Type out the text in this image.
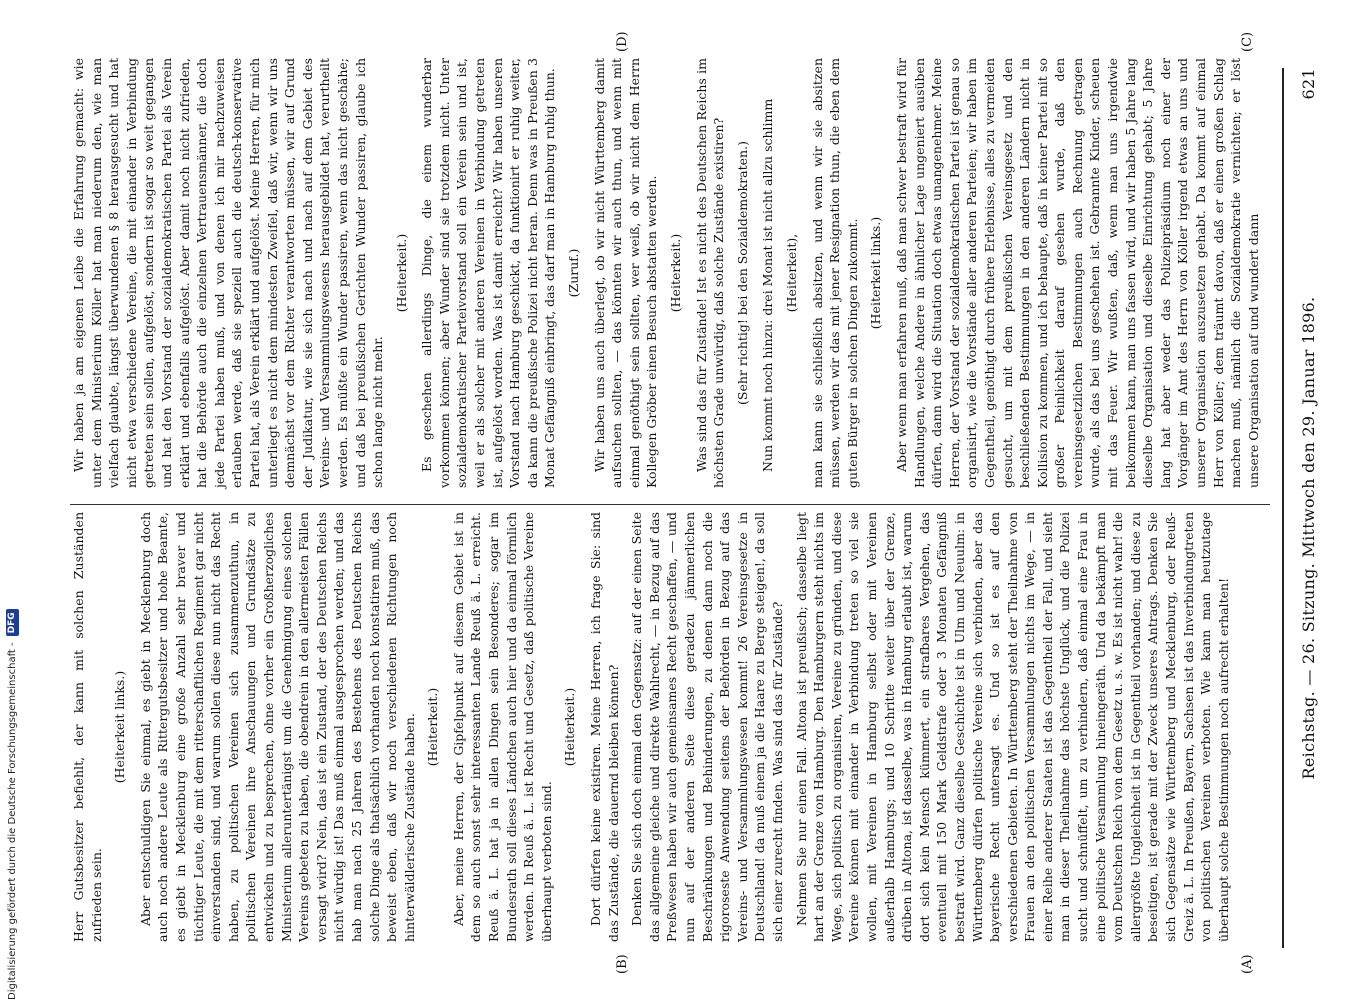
Reichstag. — 26. Sitzung. Mittwoch den 29. Januar 1896.
621
(A)
(B)
(C)
(D)

Herr Gutsbesitzer befiehlt, der kann mit solchen Zuständen zufrieden sein.

(Heiterkeit links.) Aber entschuldigen Sie einmal, es giebt in Mecklenburg doch auch noch andere Leute als Rittergutsbesitzer und hohe Beamte, es giebt in Mecklenburg eine große Anzahl sehr braver und tüchtiger Leute, die mit dem ritterschaftlichen Regiment gar nicht einverstanden sind, und warum sollen diese nun nicht das Recht haben, zu politischen Vereinen sich zusammenzuthun, in politischen Vereinen ihre Anschauungen und Grundsätze zu entwickeln und zu besprechen, ohne vorher ein Großherzogliches Ministerium alleruntertänigst um die Genehmigung eines solchen Vereins gebeten zu haben, die obendrein in den allermeisten Fällen versagt wird? Nein, das ist ein Zustand, der des Deutschen Reichs nicht würdig ist! Das muß einmal ausgesprochen werden; und das hab man nach 25 Jahren des Bestehens des Deutschen Reichs solche Dinge als thatsächlich vorhanden noch konstatiren muß, das beweist eben, daß wir noch verschiedenen Richtungen noch hinterwäldlerische Zustände haben. (Heiterkeit.) Aber, meine Herren, der Gipfelpunkt auf diesem Gebiet ist in dem so auch sonst sehr interessanten Lande Reuß ä. L. erreicht. Reuß ä. L. hat ja in allen Dingen sein Besonderes; sogar im Bundesrath soll dieses Ländchen auch hier und da einmal förmlich werden. In Reuß ä. L. ist Recht und Gesetz, daß politische Vereine überhaupt verboten sind.

(Heiterkeit.) Dort dürfen keine existiren. Meine Herren, ich frage Sie: sind das Zustände, die dauernd bleiben können? Denken Sie sich doch einmal den Gegensatz: auf der einen Seite das allgemeine gleiche und direkte Wahlrecht, — in Bezug auf das Preßwesen haben wir auch gemeinsames Recht geschaffen, — und nun auf der anderen Seite diese geradezu jämmerlichen Beschränkungen und Behinderungen, zu denen dann noch die rigoroseste Anwendung seitens der Behörden in Bezug auf das Vereins- und Versammlungswesen kommt! 26 Vereinsgesetze in Deutschland! da muß einem ja die Haare zu Berge steigen!, da soll sich einer zurecht finden. Was sind das für Zustände? Nehmen Sie nur einen Fall. Altona ist preußisch; dasselbe liegt hart an der Grenze von Hamburg. Den Hamburgern steht nichts im Wege, sich politisch zu organisiren, Vereine zu gründen, und diese Vereine können mit einander in Verbindung treten so viel sie wollen, mit Vereinen in Hamburg selbst oder mit Vereinen außerhalb Hamburgs; und 10 Schritte weiter über der Grenze, drüben in Altona, ist dasselbe, was in Hamburg erlaubt ist, warum dort sich kein Mensch kümmert, ein strafbares Vergehen, das eventuell mit 150 Mark Geldstrafe oder 3 Monaten Gefängniß bestraft wird. Ganz dieselbe Geschichte ist in Ulm und Neuulm: in Württemberg dürfen politische Vereine sich verbinden, aber das bayerische Recht untersagt es. Und so ist es auf den verschiedenen Gebieten. In Württemberg steht der Theilnahme von Frauen an den politischen Versammlungen nichts im Wege, — in einer Reihe anderer Staaten ist das Gegentheil der Fall, und sieht man in dieser Theilnahme das höchste Unglück, und die Polizei sucht und schnüffelt, um zu verhindern, daß einmal eine Frau in eine politische Versammlung hineingeräth. Und da bekämpft man vom Deutschen Reich von dem Gesetz u. s. w. Es ist nicht wahr! die allergrößte Ungleichheit ist in Gegentheil vorhanden; und diese zu beseitigen, ist gerade mit der Zweck unseres Antrags. Denken Sie sich Gegensätze wie Württemberg und Mecklenburg, oder Reuß-Greiz ä. L. In Preußen, Bayern, Sachsen ist das Inverbindungtreten von politischen Vereinen verboten. Wie kann man heutzutage überhaupt solche Bestimmungen noch aufrecht erhalten!

Wir haben ja am eigenen Leibe die Erfahrung gemacht: wie unter dem Ministerium Köller hat man niederum den, wie man vielfach glaubte, längst überwundenen § 8 herausgesucht und hat nicht etwa verschiedene Vereine, die mit einander in Verbindung getreten sein sollen, aufgelöst, sondern ist sogar so weit gegangen und hat den Vorstand der sozialdemokratischen Partei als Verein erklärt und ebenfalls aufgelöst. Aber damit noch nicht zufrieden, hat die Behörde auch die einzelnen Vertrauensmänner, die doch jede Partei haben muß, und von denen ich mir nachzuweisen erlauben werde, daß sie speziell auch die deutsch-konservative Partei hat, als Verein erklärt und aufgelöst. Meine Herren, für mich unterliegt es nicht dem mindesten Zweifel, daß wir, wenn wir uns demnächst vor dem Richter verantworten müssen, wir auf Grund der Judikatur, wie sie sich nach und nach auf dem Gebiet des Vereins- und Versammlungswesens herausgebildet hat, verurtheilt werden. Es müßte ein Wunder passiren, wenn das nicht geschähe; und daß bei preußischen Gerichten Wunder passiren, glaube ich schon lange nicht mehr.

(Heiterkeit.) Es geschehen allerdings Dinge, die einem wunderbar vorkommen können; aber Wunder sind sie trotzdem nicht. Unter sozialdemokratischer Parteivorstand soll ein Verein sein und ist, weil er als solcher mit anderen Vereinen in Verbindung getreten ist, aufgelöst worden. Was ist damit erreicht? Wir haben unseren Vorstand nach Hamburg geschickt, da funktionirt er ruhig weiter, da kann die preußische Polizei nicht heran. Denn was in Preußen 3 Monat Gefängniß einbringt, das darf man in Hamburg ruhig thun. (Zuruf.) Wir haben uns auch überlegt, ob wir nicht Württemberg damit aufsuchen sollten, — das könnten wir auch thun, und wenn mit einmal genöthigt sein sollten, wer weiß, ob wir nicht dem Herrn Kollegen Gröber einen Besuch abstatten werden. (Heiterkeit.) Was sind das für Zustände! Ist es nicht des Deutschen Reichs im höchsten Grade unwürdig, daß solche Zustände existiren? (Sehr richtig! bei den Sozialdemokraten.) Nun kommt noch hinzu: drei Monat ist nicht allzu schlimm (Heiterkeit), man kann sie schließlich absitzen, und wenn wir sie absitzen müssen, werden wir das mit jener Resignation thun, die eben dem guten Bürger in solchen Dingen zukommt. (Heiterkeit links.) Aber wenn man erfahren muß, daß man schwer bestraft wird für Handlungen, welche Andere in ähnlicher Lage ungeniert ausüben dürfen, dann wird die Situation doch etwas unangenehmer. Meine Herren, der Vorstand der sozialdemokratischen Partei ist genau so organisirt, wie die Vorstände aller anderen Parteien; wir haben im Gegentheil, genöthigt durch frühere Erlebnisse, alles zu vermeiden gesucht, um mit dem preußischen Vereinsgesetz und den beschließenden Bestimmungen in den anderen Ländern nicht in Kollision zu kommen, und ich behaupte, daß in keiner Partei mit so großer Peinlichkeit darauf gesehen wurde, daß den vereinsgesetzlichen Bestimmungen auch Rechnung getragen wurde, als das bei uns geschehen ist. Gebrannte Kinder, scheuen mit das Feuer. Wir wußten, daß, wenn man uns irgendwie beikommen kann, man uns fassen wird, und wir haben 5 Jahre lang dieselbe Organisation und dieselbe Einrichtung gehabt; 5 Jahre lang hat aber weder das Polizeipräsidium noch einer der Vorgänger im Amt des Herrn von Köller irgend etwas an uns und unserer Organisation auszusetzen gehabt. Da kommt auf einmal Herr von Köller; dem träumt davon, daß er einen großen Schlag machen muß, nämlich die Sozialdemokratie vernichten; er löst unsere Organisation auf und wundert dann

Digitalisierung gefördert durch die Deutsche Forschungsgemeinschaft -
DFG
